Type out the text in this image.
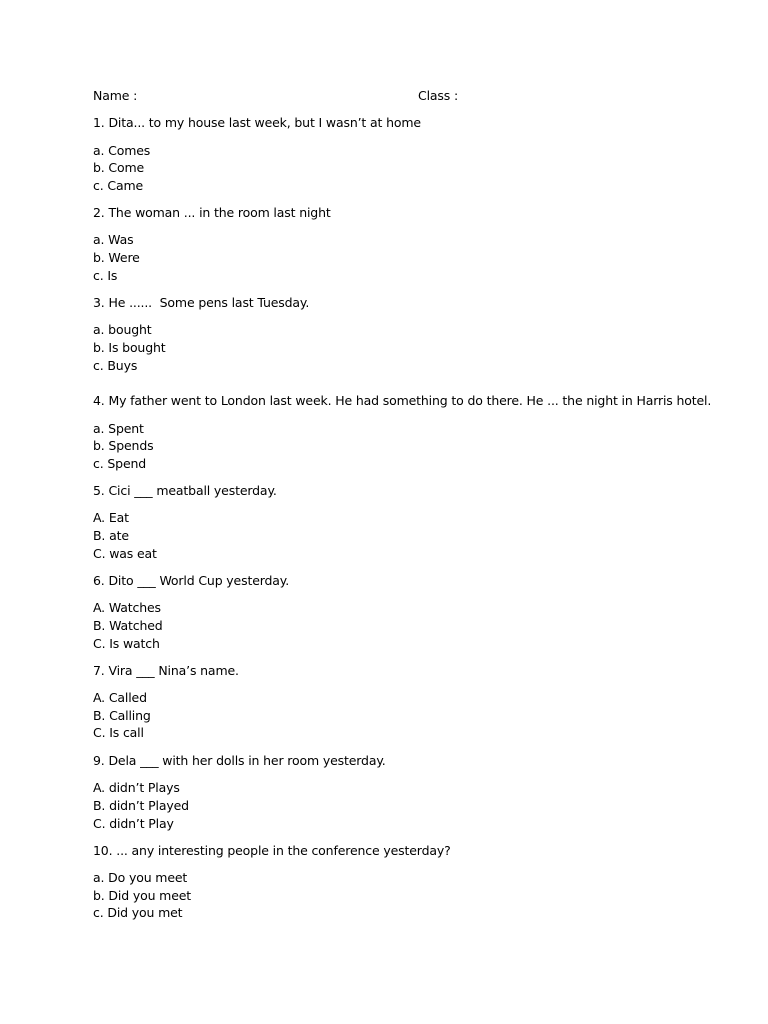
Name :	Class :
1. Dita... to my house last week, but I wasn’t at home
a. Comes
b. Come
c. Came
2. The woman ... in the room last night
a. Was
b. Were
c. Is
3. He ......  Some pens last Tuesday.
a. bought
b. Is bought
c. Buys
4. My father went to London last week. He had something to do there. He ... the night in Harris hotel.
a. Spent
b. Spends
c. Spend
5. Cici ___ meatball yesterday.
A. Eat
B. ate
C. was eat
6. Dito ___ World Cup yesterday.
A. Watches
B. Watched
C. Is watch
7. Vira ___ Nina’s name.
A. Called
B. Calling
C. Is call
9. Dela ___ with her dolls in her room yesterday.
A. didn’t Plays
B. didn’t Played
C. didn’t Play
10. ... any interesting people in the conference yesterday?
a. Do you meet
b. Did you meet
c. Did you met
